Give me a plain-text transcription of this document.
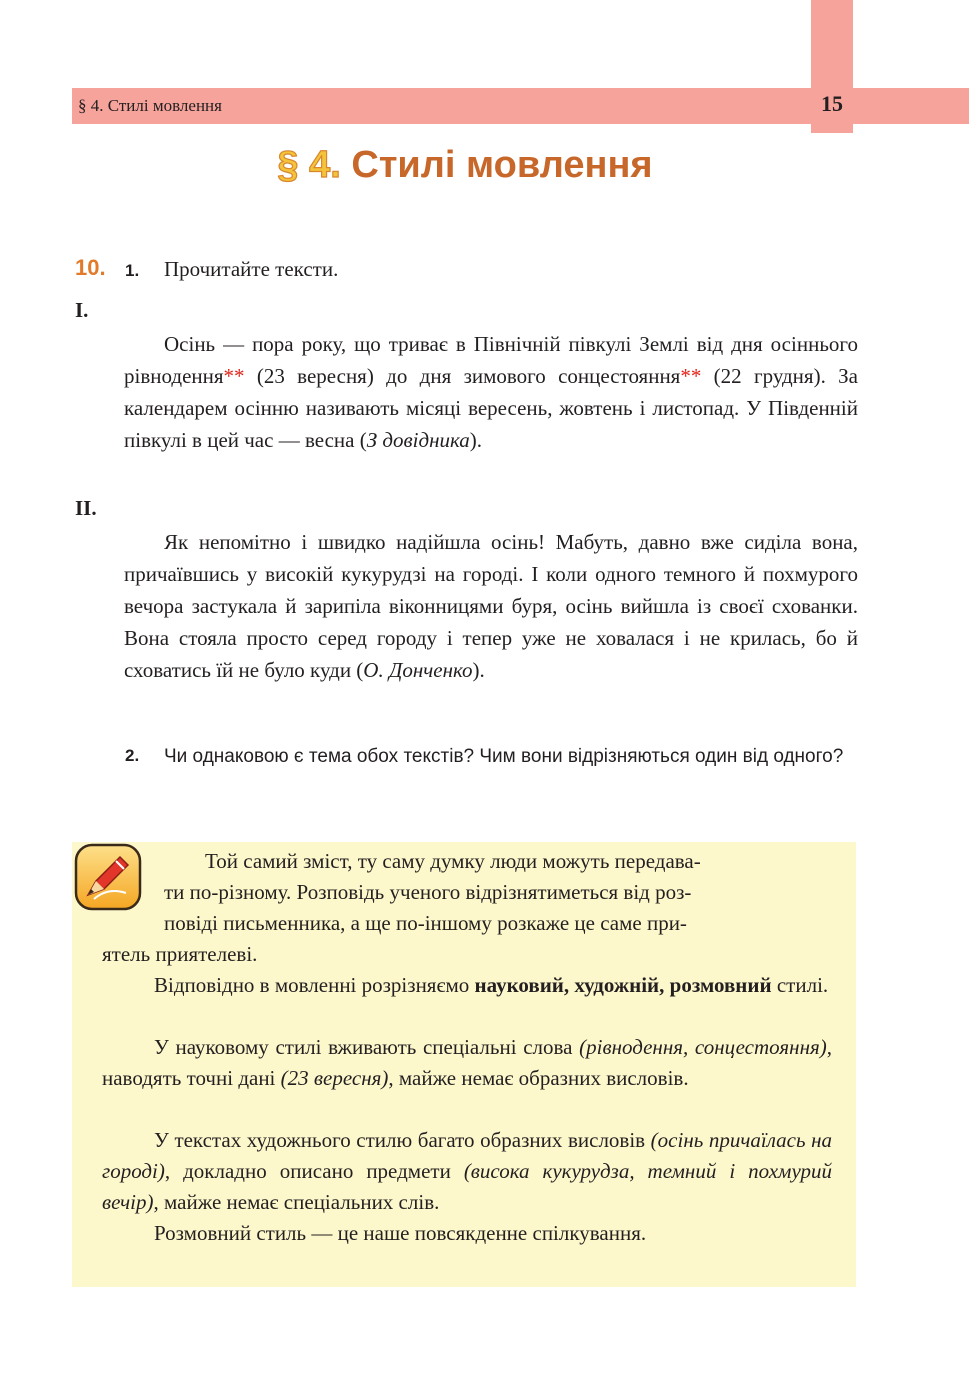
§ 4. Стилі мовлення	15
§ 4. Стилі мовлення
10. 1. Прочитайте тексти.
I.

Осінь — пора року, що триває в Північній півкулі Землі від дня осіннього рівнодення** (23 вересня) до дня зимового сонцестояння** (22 грудня). За календарем осінню називають місяці вересень, жовтень і листопад. У Південній півкулі в цей час — весна (З довідника).

II.

Як непомітно і швидко надійшла осінь! Мабуть, давно вже сиділа вона, причаївшись у високій кукурудзі на городі. І коли одного темного й похмурого вечора застукала й зарипіла віконницями буря, осінь вийшла із своєї схованки. Вона стояла просто серед городу і тепер уже не ховалася і не крилась, бо й сховатись їй не було куди (О. Донченко).

2. Чи однаковою є тема обох текстів? Чим вони відрізняються один від одного?
Той самий зміст, ту саму думку люди можуть передава-
ти по-різному. Розповідь ученого відрізнятиметься від роз-
повіді письменника, а ще по-іншому розкаже це саме при-
ятель приятелеві.

Відповідно в мовленні розрізняємо науковий, художній, розмовний стилі.

У науковому стилі вживають спеціальні слова (рівнодення, сонцестояння), наводять точні дані (23 вересня), майже немає образних висловів.

У текстах художнього стилю багато образних висловів (осінь причаїлась на городі), докладно описано предмети (висока кукурудза, темний і похмурий вечір), майже немає спеціальних слів.

Розмовний стиль — це наше повсякденне спілкування.
